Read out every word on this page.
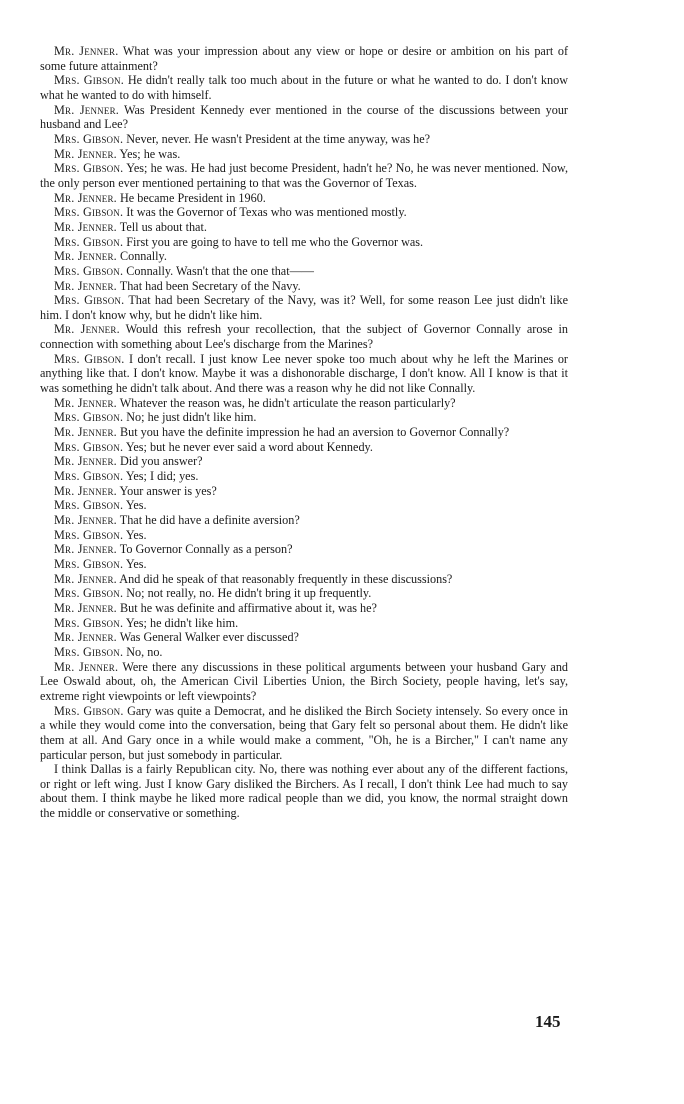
Mr. Jenner. What was your impression about any view or hope or desire or ambition on his part of some future attainment?

Mrs. Gibson. He didn't really talk too much about in the future or what he wanted to do. I don't know what he wanted to do with himself.

Mr. Jenner. Was President Kennedy ever mentioned in the course of the discussions between your husband and Lee?

Mrs. Gibson. Never, never. He wasn't President at the time anyway, was he?

Mr. Jenner. Yes; he was.

Mrs. Gibson. Yes; he was. He had just become President, hadn't he? No, he was never mentioned. Now, the only person ever mentioned pertaining to that was the Governor of Texas.

Mr. Jenner. He became President in 1960.

Mrs. Gibson. It was the Governor of Texas who was mentioned mostly.

Mr. Jenner. Tell us about that.

Mrs. Gibson. First you are going to have to tell me who the Governor was.

Mr. Jenner. Connally.

Mrs. Gibson. Connally. Wasn't that the one that——

Mr. Jenner. That had been Secretary of the Navy.

Mrs. Gibson. That had been Secretary of the Navy, was it? Well, for some reason Lee just didn't like him. I don't know why, but he didn't like him.

Mr. Jenner. Would this refresh your recollection, that the subject of Governor Connally arose in connection with something about Lee's discharge from the Marines?

Mrs. Gibson. I don't recall. I just know Lee never spoke too much about why he left the Marines or anything like that. I don't know. Maybe it was a dishonorable discharge, I don't know. All I know is that it was something he didn't talk about. And there was a reason why he did not like Connally.

Mr. Jenner. Whatever the reason was, he didn't articulate the reason particularly?

Mrs. Gibson. No; he just didn't like him.

Mr. Jenner. But you have the definite impression he had an aversion to Governor Connally?

Mrs. Gibson. Yes; but he never ever said a word about Kennedy.

Mr. Jenner. Did you answer?

Mrs. Gibson. Yes; I did; yes.

Mr. Jenner. Your answer is yes?

Mrs. Gibson. Yes.

Mr. Jenner. That he did have a definite aversion?

Mrs. Gibson. Yes.

Mr. Jenner. To Governor Connally as a person?

Mrs. Gibson. Yes.

Mr. Jenner. And did he speak of that reasonably frequently in these discussions?

Mrs. Gibson. No; not really, no. He didn't bring it up frequently.

Mr. Jenner. But he was definite and affirmative about it, was he?

Mrs. Gibson. Yes; he didn't like him.

Mr. Jenner. Was General Walker ever discussed?

Mrs. Gibson. No, no.

Mr. Jenner. Were there any discussions in these political arguments between your husband Gary and Lee Oswald about, oh, the American Civil Liberties Union, the Birch Society, people having, let's say, extreme right viewpoints or left viewpoints?

Mrs. Gibson. Gary was quite a Democrat, and he disliked the Birch Society intensely. So every once in a while they would come into the conversation, being that Gary felt so personal about them. He didn't like them at all. And Gary once in a while would make a comment, "Oh, he is a Bircher," I can't name any particular person, but just somebody in particular.

I think Dallas is a fairly Republican city. No, there was nothing ever about any of the different factions, or right or left wing. Just I know Gary disliked the Birchers. As I recall, I don't think Lee had much to say about them. I think maybe he liked more radical people than we did, you know, the normal straight down the middle or conservative or something.

145
